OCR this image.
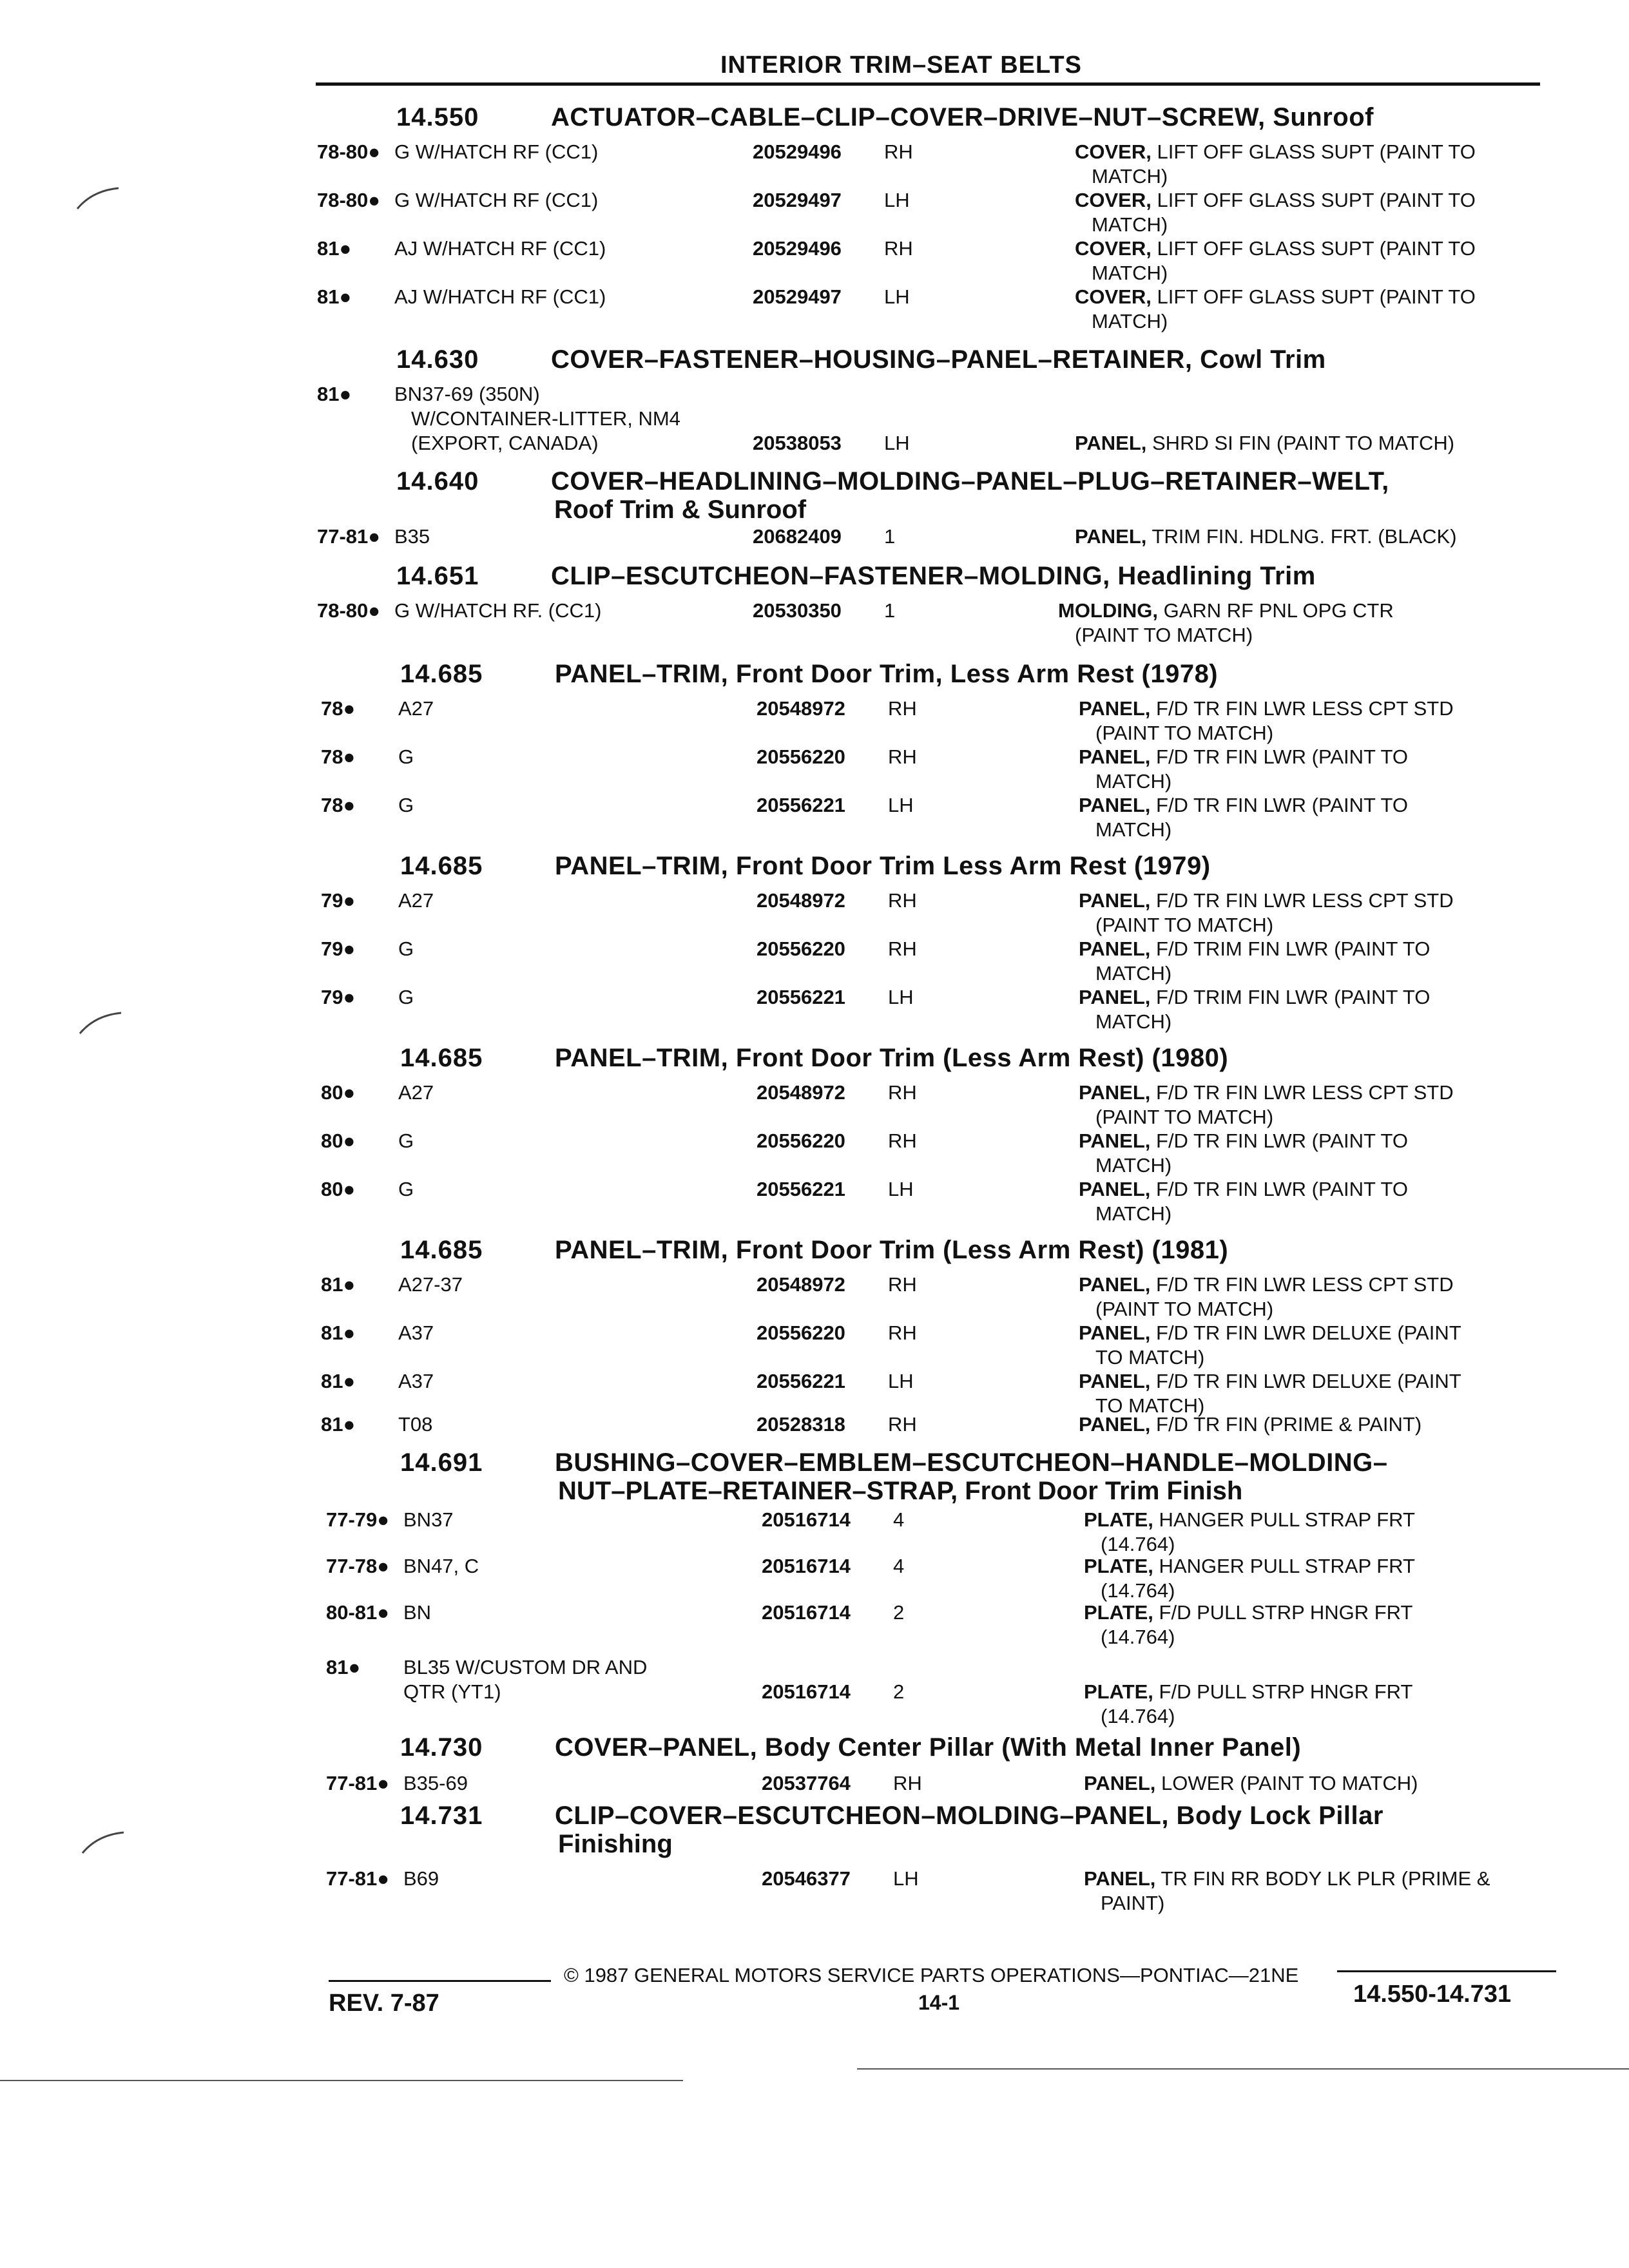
INTERIOR TRIM–SEAT BELTS
14.550	ACTUATOR–CABLE–CLIP–COVER–DRIVE–NUT–SCREW, Sunroof
78-80● G W/HATCH RF (CC1)	20529496 RH	COVER, LIFT OFF GLASS SUPT (PAINT TO
MATCH)
78-80● G W/HATCH RF (CC1)	20529497 LH	COVER, LIFT OFF GLASS SUPT (PAINT TO
MATCH)
81● AJ W/HATCH RF (CC1)	20529496 RH	COVER, LIFT OFF GLASS SUPT (PAINT TO
MATCH)
81● AJ W/HATCH RF (CC1)	20529497 LH	COVER, LIFT OFF GLASS SUPT (PAINT TO
MATCH)
14.630	COVER–FASTENER–HOUSING–PANEL–RETAINER, Cowl Trim
81● BN37-69 (350N)
W/CONTAINER-LITTER, NM4
(EXPORT, CANADA)	20538053 LH	PANEL, SHRD SI FIN (PAINT TO MATCH)
14.640	COVER–HEADLINING–MOLDING–PANEL–PLUG–RETAINER–WELT,
Roof Trim & Sunroof
77-81● B35	20682409 1	PANEL, TRIM FIN. HDLNG. FRT. (BLACK)
14.651	CLIP–ESCUTCHEON–FASTENER–MOLDING, Headlining Trim
78-80● G W/HATCH RF. (CC1)	20530350 1	MOLDING, GARN RF PNL OPG CTR
(PAINT TO MATCH)
14.685	PANEL–TRIM, Front Door Trim, Less Arm Rest (1978)
78● A27	20548972 RH	PANEL, F/D TR FIN LWR LESS CPT STD
(PAINT TO MATCH)
78● G	20556220 RH	PANEL, F/D TR FIN LWR (PAINT TO
MATCH)
78● G	20556221 LH	PANEL, F/D TR FIN LWR (PAINT TO
MATCH)
14.685	PANEL–TRIM, Front Door Trim Less Arm Rest (1979)
79● A27	20548972 RH	PANEL, F/D TR FIN LWR LESS CPT STD
(PAINT TO MATCH)
79● G	20556220 RH	PANEL, F/D TRIM FIN LWR (PAINT TO
MATCH)
79● G	20556221 LH	PANEL, F/D TRIM FIN LWR (PAINT TO
MATCH)
14.685	PANEL–TRIM, Front Door Trim (Less Arm Rest) (1980)
80● A27	20548972 RH	PANEL, F/D TR FIN LWR LESS CPT STD
(PAINT TO MATCH)
80● G	20556220 RH	PANEL, F/D TR FIN LWR (PAINT TO
MATCH)
80● G	20556221 LH	PANEL, F/D TR FIN LWR (PAINT TO
MATCH)
14.685	PANEL–TRIM, Front Door Trim (Less Arm Rest) (1981)
81● A27-37	20548972 RH	PANEL, F/D TR FIN LWR LESS CPT STD
(PAINT TO MATCH)
81● A37	20556220 RH	PANEL, F/D TR FIN LWR DELUXE (PAINT
TO MATCH)
81● A37	20556221 LH	PANEL, F/D TR FIN LWR DELUXE (PAINT
TO MATCH)
81● T08	20528318 RH	PANEL, F/D TR FIN (PRIME & PAINT)
14.691	BUSHING–COVER–EMBLEM–ESCUTCHEON–HANDLE–MOLDING–
NUT–PLATE–RETAINER–STRAP, Front Door Trim Finish
77-79● BN37	20516714 4	PLATE, HANGER PULL STRAP FRT
(14.764)
77-78● BN47, C	20516714 4	PLATE, HANGER PULL STRAP FRT
(14.764)
80-81● BN	20516714 2	PLATE, F/D PULL STRP HNGR FRT
(14.764)
81● BL35 W/CUSTOM DR AND
QTR (YT1)	20516714 2	PLATE, F/D PULL STRP HNGR FRT
(14.764)
14.730	COVER–PANEL, Body Center Pillar (With Metal Inner Panel)
77-81● B35-69	20537764 RH	PANEL, LOWER (PAINT TO MATCH)
14.731	CLIP–COVER–ESCUTCHEON–MOLDING–PANEL, Body Lock Pillar
Finishing
77-81● B69	20546377 LH	PANEL, TR FIN RR BODY LK PLR (PRIME &
PAINT)
© 1987 GENERAL MOTORS SERVICE PARTS OPERATIONS—PONTIAC—21NE
REV. 7-87	14-1	14.550-14.731
